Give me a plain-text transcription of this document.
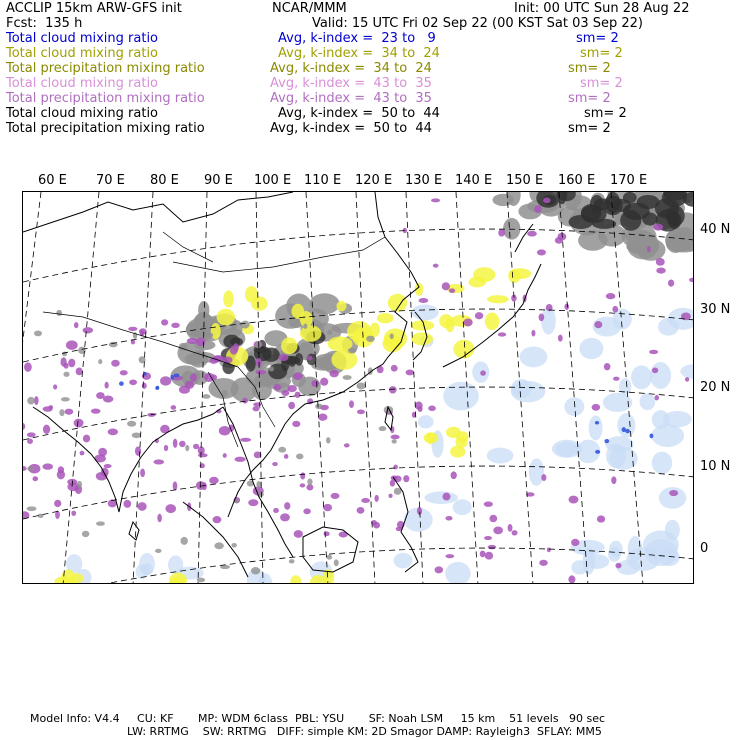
ACCLIP 15km ARW-GFS init	NCAR/MMM	Init: 00 UTC Sun 28 Aug 22
Fcst:  135 h	Valid: 15 UTC Fri 02 Sep 22 (00 KST Sat 03 Sep 22)
Total cloud mixing ratio	Avg, k-index =  23 to   9	sm= 2
Total cloud mixing ratio	Avg, k-index =  34 to  24	sm= 2
Total precipitation mixing ratio	Avg, k-index =  34 to  24	sm= 2
Total cloud mixing ratio	Avg, k-index =  43 to  35	sm= 2
Total precipitation mixing ratio	Avg, k-index =  43 to  35	sm= 2
Total cloud mixing ratio	Avg, k-index =  50 to  44	sm= 2
Total precipitation mixing ratio	Avg, k-index =  50 to  44	sm= 2
60 E 70 E 80 E 90 E 100 E 110 E 120 E 130 E 140 E 150 E 160 E 170 E
40 N
30 N
20 N
10 N
0
Model Info: V4.4     CU: KF       MP: WDM 6class  PBL: YSU       SF: Noah LSM     15 km    51 levels   90 sec
LW: RRTMG    SW: RRTMG   DIFF: simple KM: 2D Smagor DAMP: Rayleigh3  SFLAY: MM5
